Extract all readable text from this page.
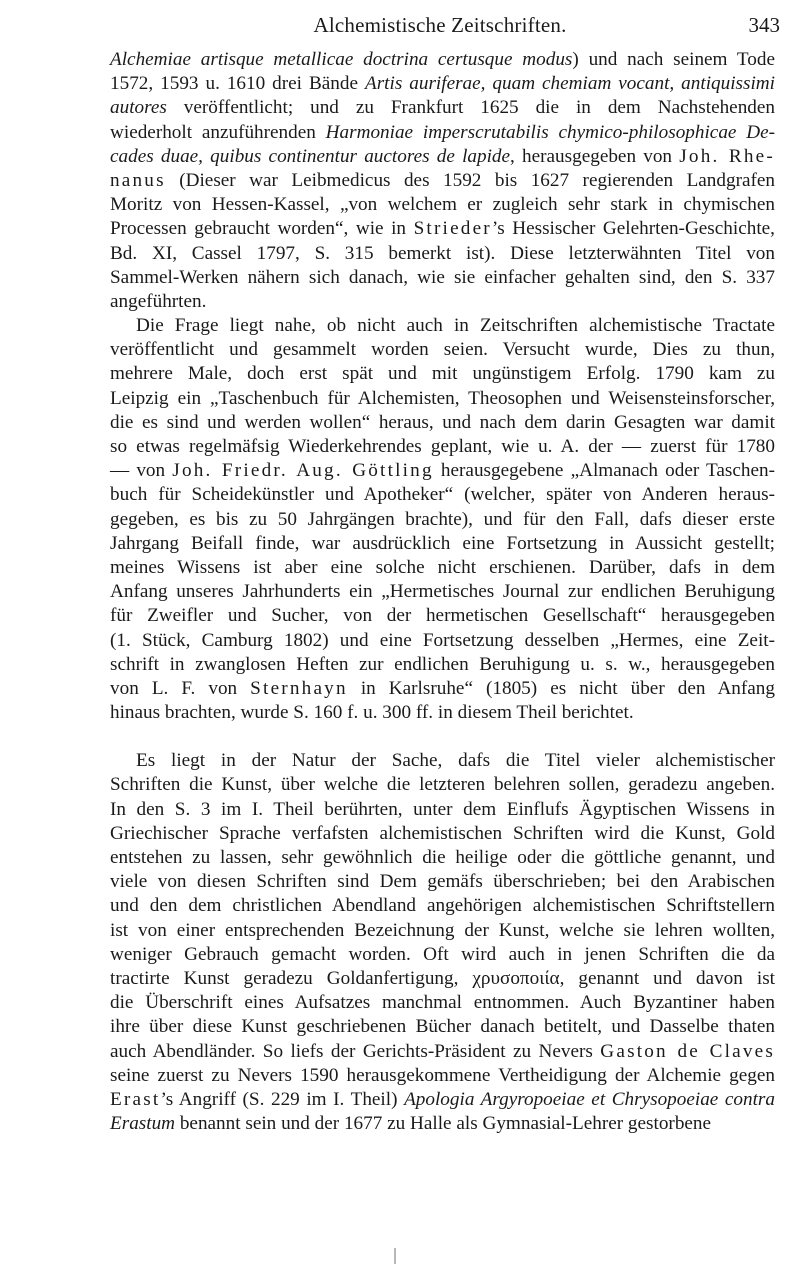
Alchemistische Zeitschriften.	343
Alchemiae artisque metallicae doctrina certusque modus) und nach seinem Tode
1572, 1593 u. 1610 drei Bände Artis auriferae, quam chemiam vocant, antiquissimi
autores veröffentlicht; und zu Frankfurt 1625 die in dem Nachstehenden
wiederholt anzuführenden Harmoniae imperscrutabilis chymico-philosophicae De-
cades duae, quibus continentur auctores de lapide, herausgegeben von Joh. Rhe-
nanus (Dieser war Leibmedicus des 1592 bis 1627 regierenden Landgrafen
Moritz von Hessen-Kassel, „von welchem er zugleich sehr stark in chymischen
Processen gebraucht worden“, wie in Strieder’s Hessischer Gelehrten-Geschichte,
Bd. XI, Cassel 1797, S. 315 bemerkt ist). Diese letzterwähnten Titel von
Sammel-Werken nähern sich danach, wie sie einfacher gehalten sind, den S. 337
angeführten.
Die Frage liegt nahe, ob nicht auch in Zeitschriften alchemistische Tractate
veröffentlicht und gesammelt worden seien. Versucht wurde, Dies zu thun,
mehrere Male, doch erst spät und mit ungünstigem Erfolg. 1790 kam zu
Leipzig ein „Taschenbuch für Alchemisten, Theosophen und Weisensteinsforscher,
die es sind und werden wollen“ heraus, und nach dem darin Gesagten war damit
so etwas regelmäfsig Wiederkehrendes geplant, wie u. A. der — zuerst für 1780
— von Joh. Friedr. Aug. Göttling herausgegebene „Almanach oder Taschen-
buch für Scheidekünstler und Apotheker“ (welcher, später von Anderen heraus-
gegeben, es bis zu 50 Jahrgängen brachte), und für den Fall, dafs dieser erste
Jahrgang Beifall finde, war ausdrücklich eine Fortsetzung in Aussicht gestellt;
meines Wissens ist aber eine solche nicht erschienen. Darüber, dafs in dem
Anfang unseres Jahrhunderts ein „Hermetisches Journal zur endlichen Beruhigung
für Zweifler und Sucher, von der hermetischen Gesellschaft“ herausgegeben
(1. Stück, Camburg 1802) und eine Fortsetzung desselben „Hermes, eine Zeit-
schrift in zwanglosen Heften zur endlichen Beruhigung u. s. w., herausgegeben
von L. F. von Sternhayn in Karlsruhe“ (1805) es nicht über den Anfang
hinaus brachten, wurde S. 160 f. u. 300 ff. in diesem Theil berichtet.
Es liegt in der Natur der Sache, dafs die Titel vieler alchemistischer
Schriften die Kunst, über welche die letzteren belehren sollen, geradezu angeben.
In den S. 3 im I. Theil berührten, unter dem Einflufs Ägyptischen Wissens in
Griechischer Sprache verfafsten alchemistischen Schriften wird die Kunst, Gold
entstehen zu lassen, sehr gewöhnlich die heilige oder die göttliche genannt, und
viele von diesen Schriften sind Dem gemäfs überschrieben; bei den Arabischen
und den dem christlichen Abendland angehörigen alchemistischen Schriftstellern
ist von einer entsprechenden Bezeichnung der Kunst, welche sie lehren wollten,
weniger Gebrauch gemacht worden. Oft wird auch in jenen Schriften die da
tractirte Kunst geradezu Goldanfertigung, χρυσοποιία, genannt und davon ist
die Überschrift eines Aufsatzes manchmal entnommen. Auch Byzantiner haben
ihre über diese Kunst geschriebenen Bücher danach betitelt, und Dasselbe thaten
auch Abendländer. So liefs der Gerichts-Präsident zu Nevers Gaston de Claves
seine zuerst zu Nevers 1590 herausgekommene Vertheidigung der Alchemie gegen
Erast’s Angriff (S. 229 im I. Theil) Apologia Argyropoeiae et Chrysopoeiae contra
Erastum benannt sein und der 1677 zu Halle als Gymnasial-Lehrer gestorbene
